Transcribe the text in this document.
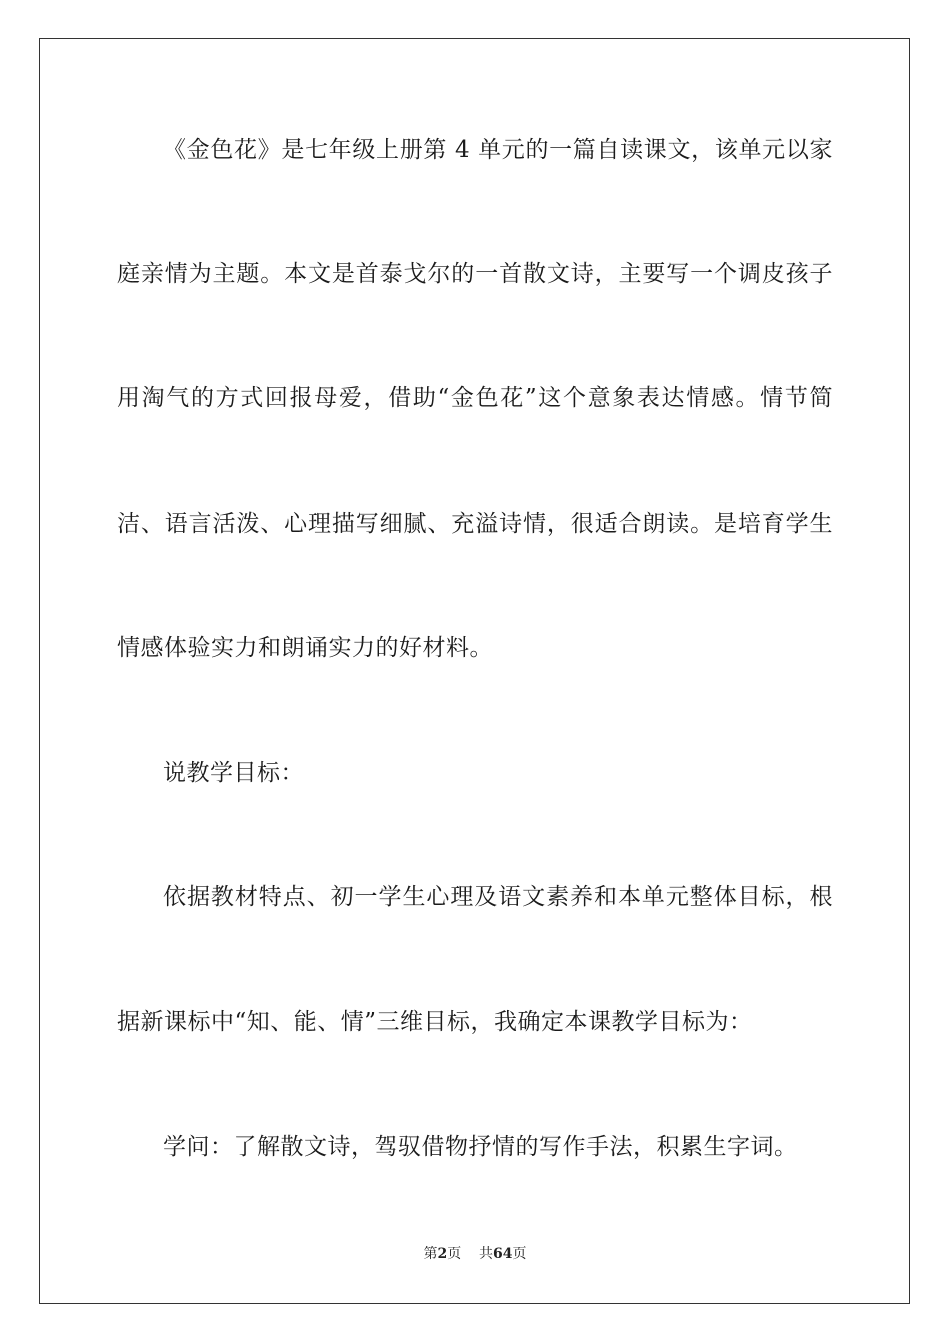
《金色花》是七年级上册第 4 单元的一篇自读课文，该单元以家
庭亲情为主题。本文是首泰戈尔的一首散文诗，主要写一个调皮孩子
用淘气的方式回报母爱，借助“金色花”这个意象表达情感。情节简
洁、语言活泼、心理描写细腻、充溢诗情，很适合朗读。是培育学生
情感体验实力和朗诵实力的好材料。
说教学目标：
依据教材特点、初一学生心理及语文素养和本单元整体目标，根
据新课标中“知、能、情”三维目标，我确定本课教学目标为：
学问：了解散文诗，驾驭借物抒情的写作手法，积累生字词。
第2页 共64页
